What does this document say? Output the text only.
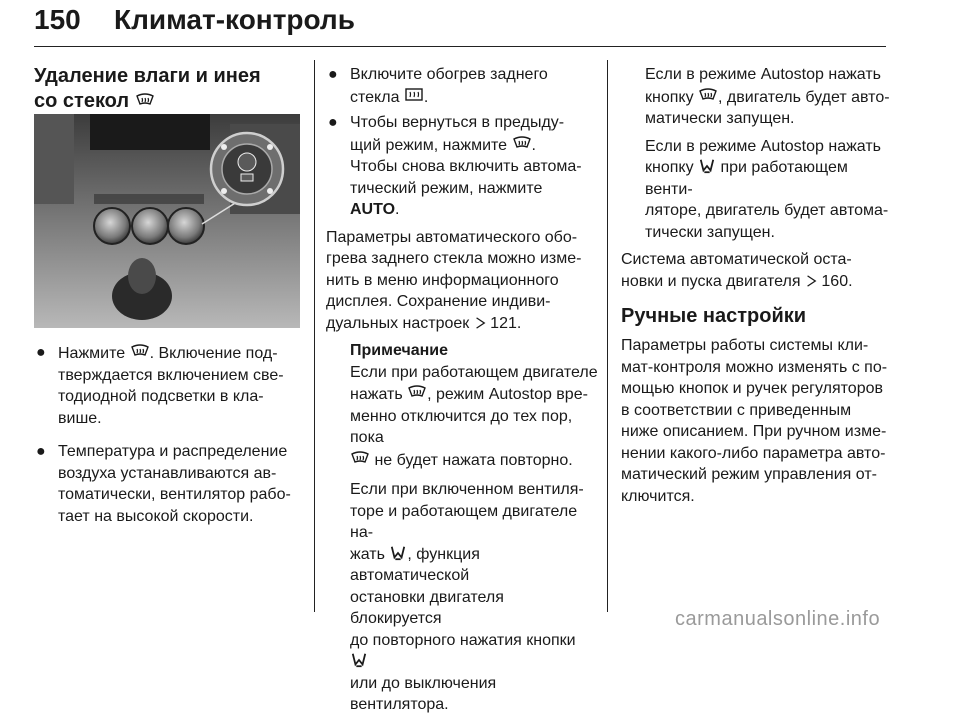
150 Климат-контроль
Удаление влаги и инея со стекол
● Нажмите . Включение под-
тверждается включением све-
тодиодной подсветки в кла-
више.
● Температура и распределение
воздуха устанавливаются ав-
томатически, вентилятор рабо-
тает на высокой скорости.
● Включите обогрев заднего
стекла .
● Чтобы вернуться в предыду-
щий режим, нажмите .
Чтобы снова включить автома-
тический режим, нажмите
AUTO.
Параметры автоматического обо-
грева заднего стекла можно изме-
нить в меню информационного
дисплея. Сохранение индиви-
дуальных настроек 121.
Примечание
Если при работающем двигателе
нажать , режим Autostop вре-
менно отключится до тех пор, пока
не будет нажата повторно.
Если при включенном вентиля-
торе и работающем двигателе на-
жать , функция автоматической
остановки двигателя блокируется
до повторного нажатия кнопки
или до выключения вентилятора.
Если в режиме Autostop нажать
кнопку , двигатель будет авто-
матически запущен.
Если в режиме Autostop нажать
кнопку при работающем венти-
ляторе, двигатель будет автома-
тически запущен.
Система автоматической оста-
новки и пуска двигателя 160.
Ручные настройки
Параметры работы системы кли-
мат-контроля можно изменять с по-
мощью кнопок и ручек регуляторов
в соответствии с приведенным
ниже описанием. При ручном изме-
нении какого-либо параметра авто-
матический режим управления от-
ключится.
carmanualsonline.info
